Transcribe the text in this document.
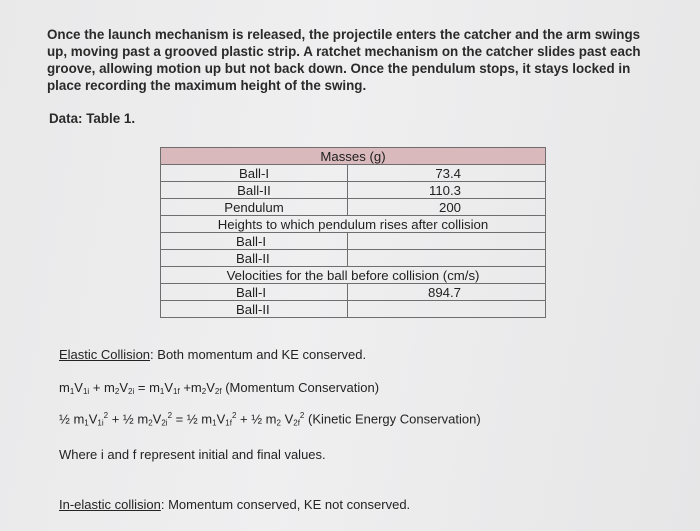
Once the launch mechanism is released, the projectile enters the catcher and the arm swings up, moving past a grooved plastic strip. A ratchet mechanism on the catcher slides past each groove, allowing motion up but not back down. Once the pendulum stops, it stays locked in place recording the maximum height of the swing.
Data: Table 1.
Masses (g)	
Ball-I	73.4
Ball-II	110.3
Pendulum	200
Heights to which pendulum rises after collision	
Ball-I	
Ball-II	
Velocities for the ball before collision (cm/s)	
Ball-I	894.7
Ball-II	
Elastic Collision: Both momentum and KE conserved.
$m_1V_{1i} + m_2V_{2i} = m_1V_{1f} +m_2V_{2f}$ (Momentum Conservation)
½ $m_1V_{1i}^2$ + ½ $m_2V_{2i}^2$ = ½ $m_1V_{1f}^2$ + ½ $m_2$ $V_{2f}^2$ (Kinetic Energy Conservation)
Where i and f represent initial and final values.
In-elastic collision: Momentum conserved, KE not conserved.
